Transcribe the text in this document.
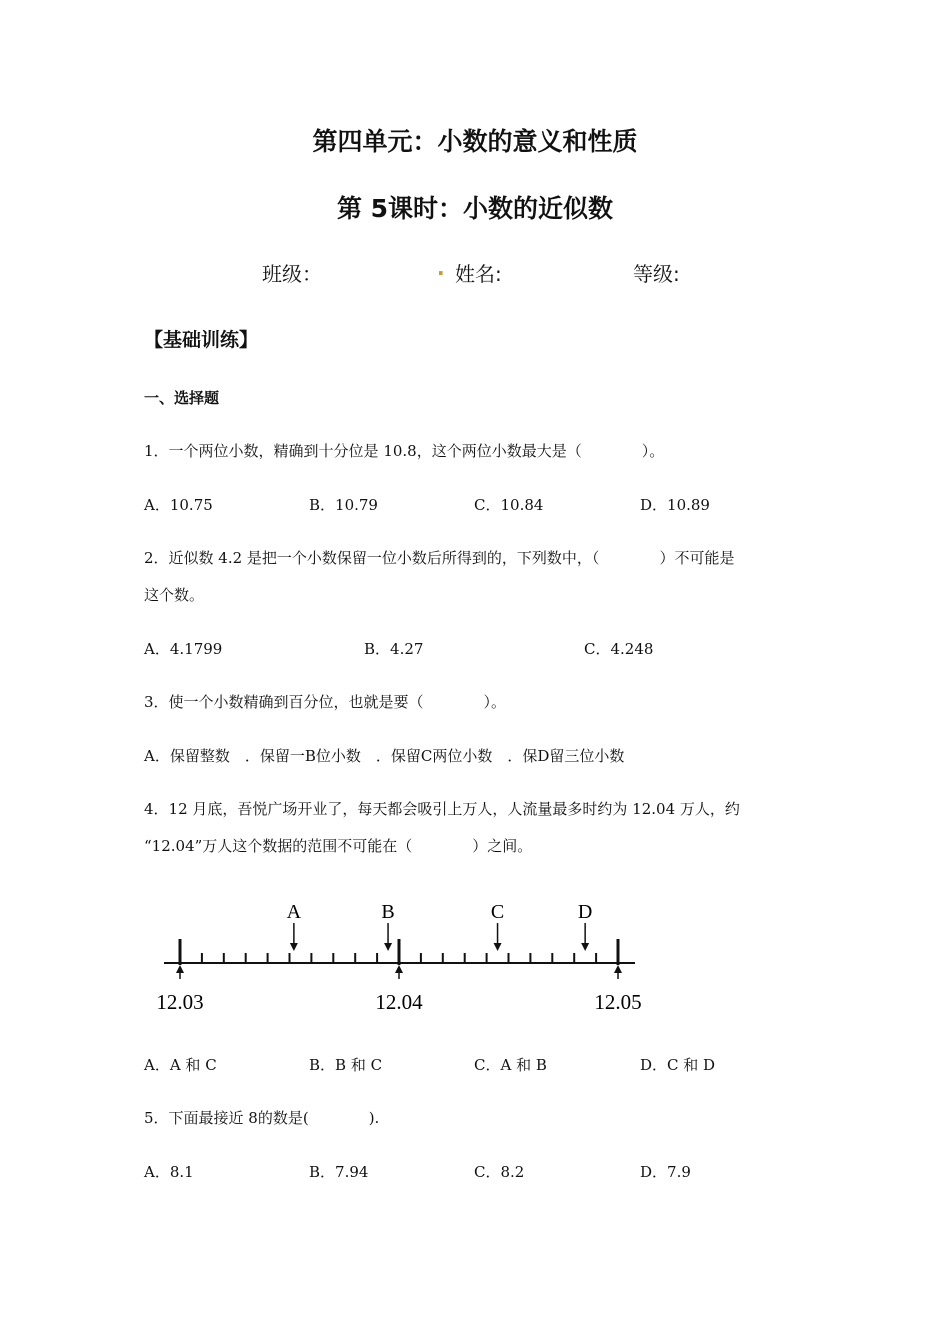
第四单元：小数的意义和性质
第 5课时：小数的近似数
班级：	. 姓名:	等级:
【基础训练】
一、选择题
1．一个两位小数，精确到十分位是 10.8，这个两位小数最大是（　　　　）。
A．10.75	B．10.79	C．10.84	D．10.89
2．近似数 4.2 是把一个小数保留一位小数后所得到的，下列数中，（　　　　）不可能是
这个数。
A．4.1799	B．4.27	C．4.248
3．使一个小数精确到百分位，也就是要（　　　　）。
A．保留整数　．保留一B位小数　．保留C两位小数　．保D留三位小数
4．12 月底，吾悦广场开业了，每天都会吸引上万人，人流量最多时约为 12.04 万人，约
“12.04”万人这个数据的范围不可能在（　　　　）之间。
12.03	12.04	12.05
A	B	C	D
A．A 和 C	B．B 和 C	C．A 和 B	D．C 和 D
5．下面最接近 8的数是(　　　　).
A．8.1	B．7.94	C．8.2	D．7.9
